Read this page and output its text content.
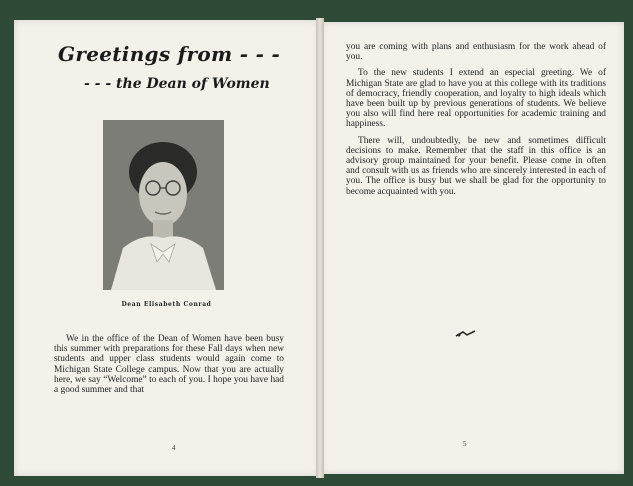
Greetings from - - -
- - - the Dean of Women
Dean Elisabeth Conrad

We in the office of the Dean of Women have been busy this summer with preparations for these Fall days when new students and upper class students would again come to Michigan State College campus. Now that you are actually here, we say “Welcome” to each of you. I hope you have had a good summer and that

4

you are coming with plans and enthusiasm for the work ahead of you.

To the new students I extend an especial greeting. We of Michigan State are glad to have you at this college with its traditions of democracy, friendly cooperation, and loyalty to high ideals which have been built up by previous generations of students. We believe you also will find here real opportunities for academic training and happiness.

There will, undoubtedly, be new and sometimes difficult decisions to make. Remember that the staff in this office is an advisory group maintained for your benefit. Please come in often and consult with us as friends who are sincerely interested in each of you. The office is busy but we shall be glad for the opportunity to become acquainted with you.

5
